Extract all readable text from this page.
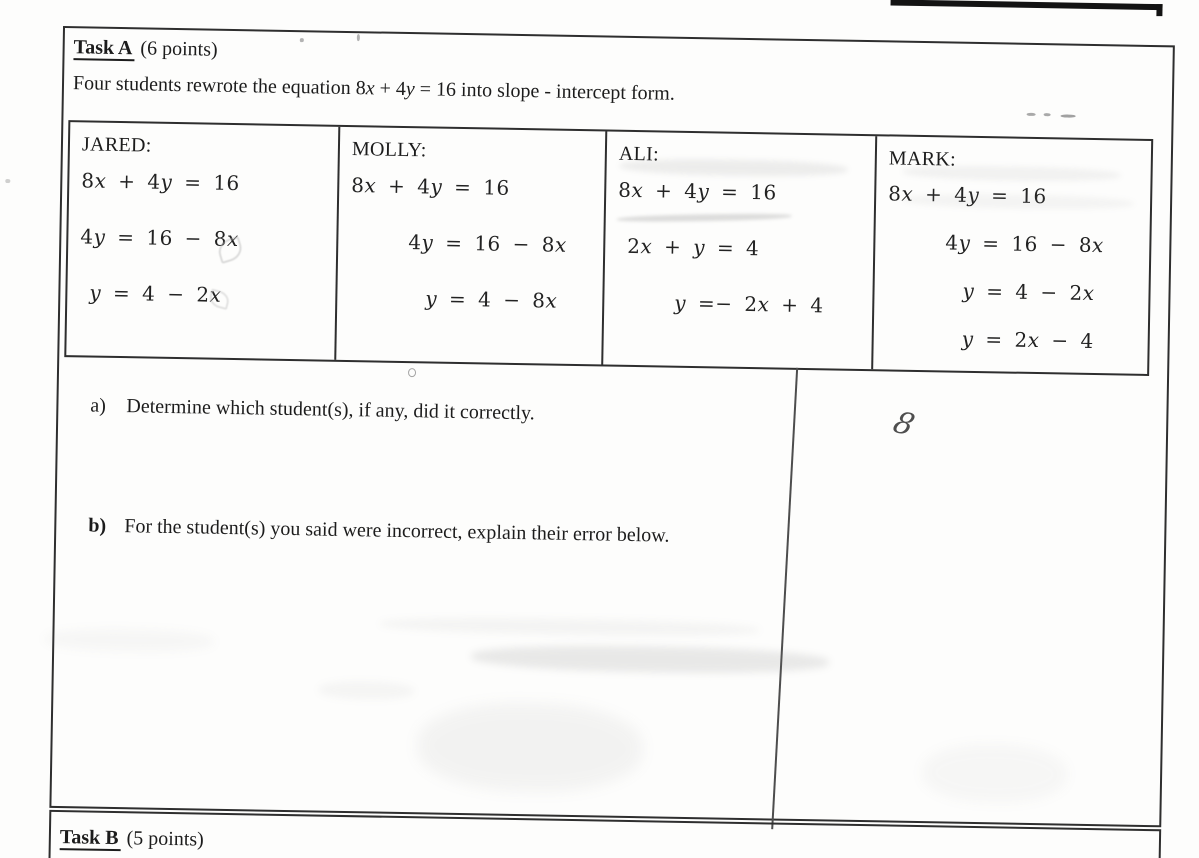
Task A (6 points)
Four students rewrote the equation 8x + 4y = 16 into slope - intercept form.
JARED:
8x + 4y = 16
4y = 16 − 8x
y = 4 − 2x
MOLLY:
8x + 4y = 16
4y = 16 − 8x
y = 4 − 8x
ALI:
8x + 4y = 16
2x + y = 4
y =− 2x + 4
MARK:
8x + 4y = 16
4y = 16 − 8x
y = 4 − 2x
y = 2x − 4
a) Determine which student(s), if any, did it correctly.
b) For the student(s) you said were incorrect, explain their error below.
8
Task B (5 points)
